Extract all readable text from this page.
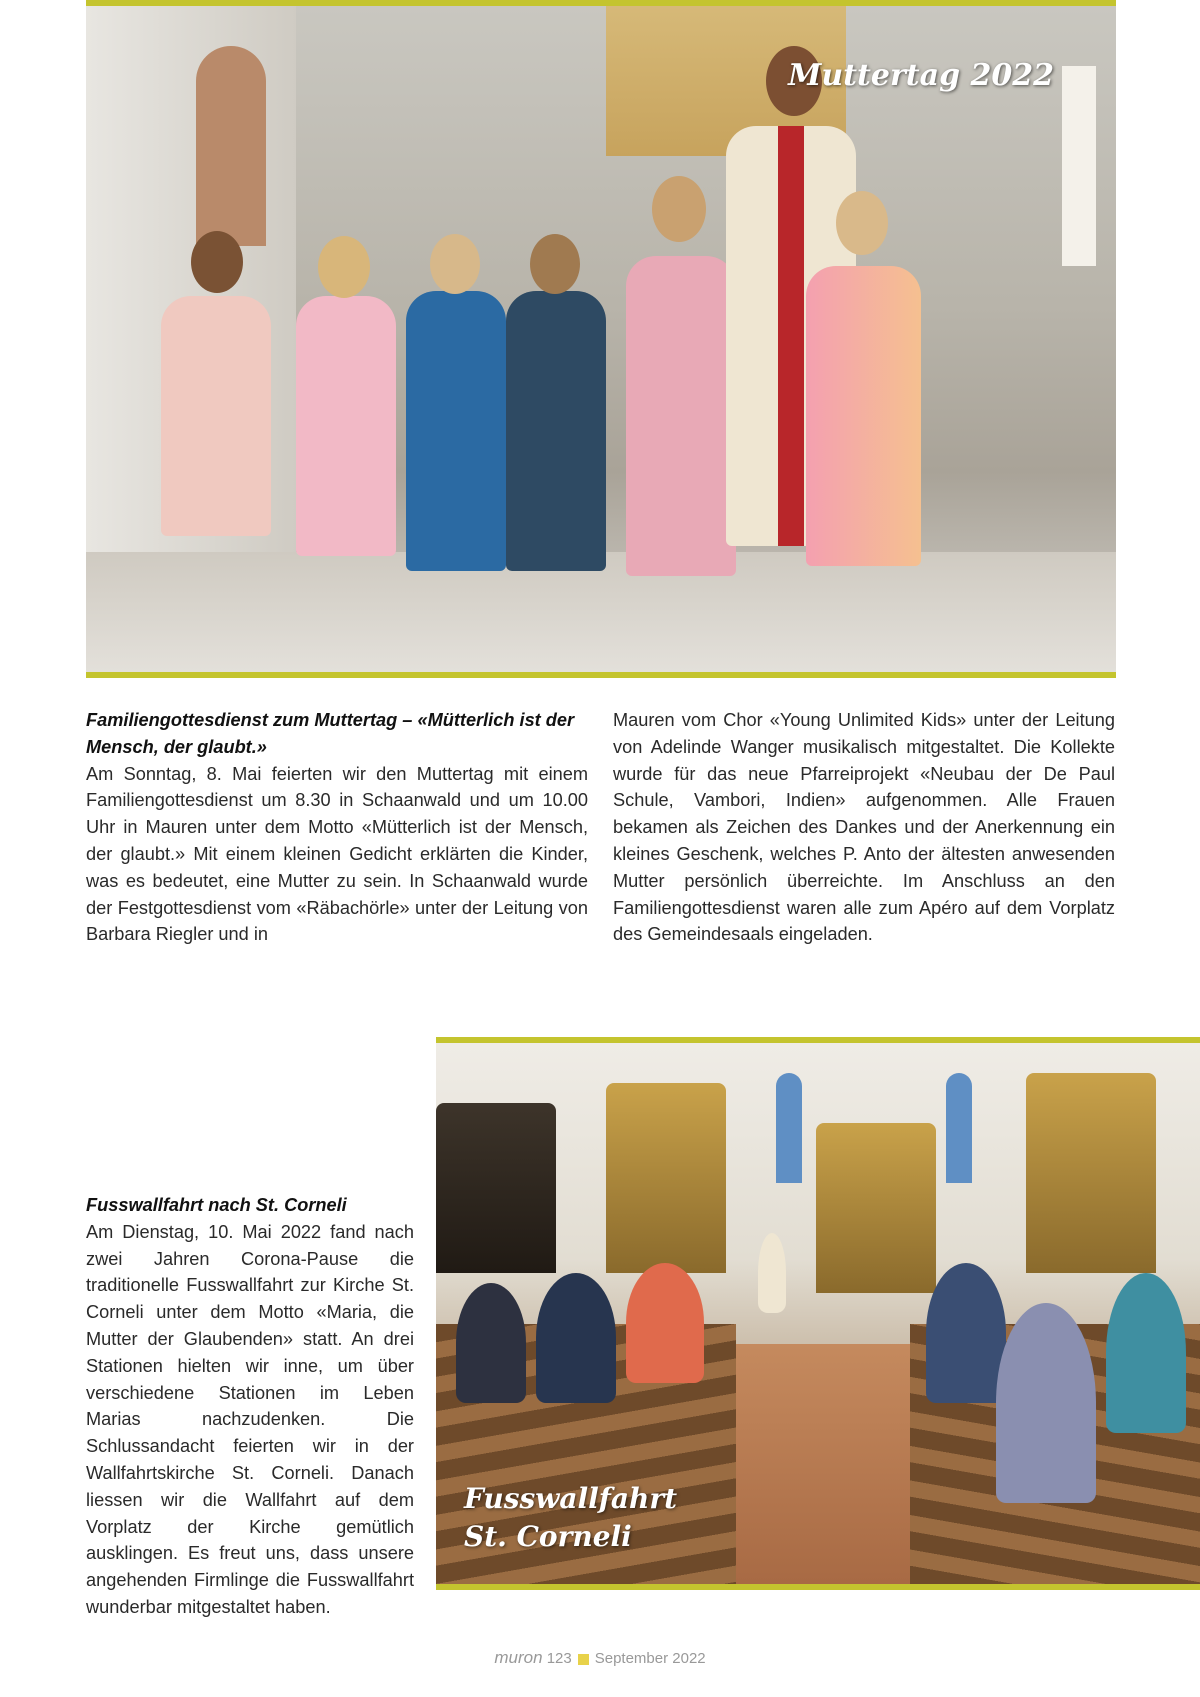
Muttertag 2022

Familiengottesdienst zum Muttertag – «Mütterlich ist der Mensch, der glaubt.»
Am Sonntag, 8. Mai feierten wir den Muttertag mit einem Familiengottesdienst um 8.30 in Schaanwald und um 10.00 Uhr in Mauren unter dem Motto «Mütterlich ist der Mensch, der glaubt.» Mit einem kleinen Gedicht erklärten die Kinder, was es bedeutet, eine Mutter zu sein. In Schaanwald wurde der Festgottesdienst vom «Räbachörle» unter der Leitung von Barbara Riegler und in

Mauren vom Chor «Young Unlimited Kids» unter der Leitung von Adelinde Wanger musikalisch mitgestaltet. Die Kollekte wurde für das neue Pfarreiprojekt «Neubau der De Paul Schule, Vambori, Indien» aufgenommen. Alle Frauen bekamen als Zeichen des Dankes und der Anerkennung ein kleines Geschenk, welches P. Anto der ältesten anwesenden Mutter persönlich überreichte. Im Anschluss an den Familiengottesdienst waren alle zum Apéro auf dem Vorplatz des Gemeindesaals eingeladen.

Fusswallfahrt nach St. Corneli
Am Dienstag, 10. Mai 2022 fand nach zwei Jahren Corona-Pause die traditionelle Fusswallfahrt zur Kirche St. Corneli unter dem Motto «Maria, die Mutter der Glaubenden» statt. An drei Stationen hielten wir inne, um über verschiedene Stationen im Leben Marias nachzudenken. Die Schlussandacht feierten wir in der Wallfahrtskirche St. Corneli. Danach liessen wir die Wallfahrt auf dem Vorplatz der Kirche gemütlich ausklingen. Es freut uns, dass unsere angehenden Firmlinge die Fusswallfahrt wunderbar mitgestaltet haben.

Fusswallfahrt
St. Corneli
muron 123 September 2022
